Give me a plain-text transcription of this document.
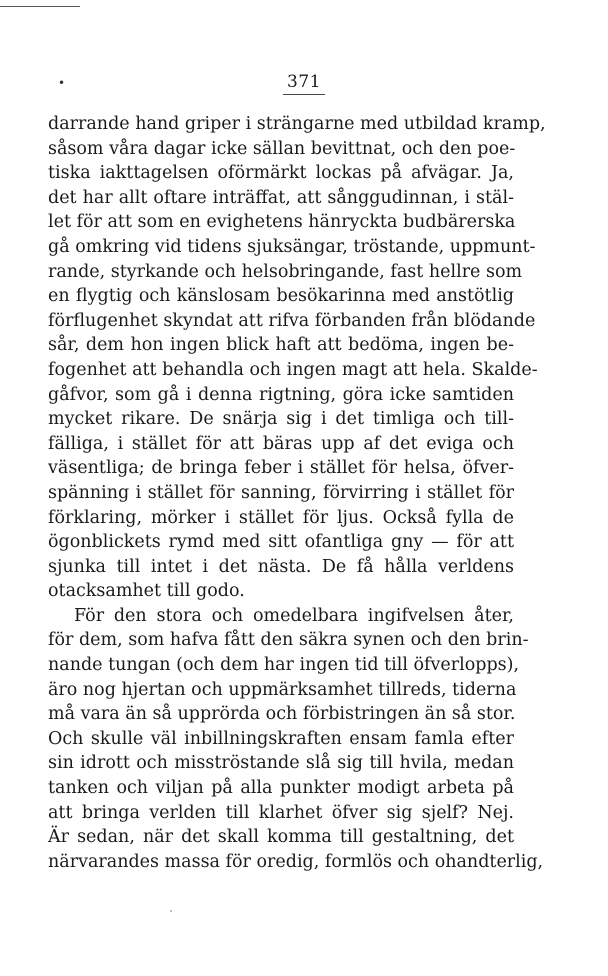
•	371
darrande hand griper i strängarne med utbildad kramp,
såsom våra dagar icke sällan bevittnat, och den poe-
tiska iakttagelsen oförmärkt lockas på afvägar. Ja,
det har allt oftare inträffat, att sånggudinnan, i stäl-
let för att som en evighetens hänryckta budbärerska
gå omkring vid tidens sjuksängar, tröstande, uppmunt-
rande, styrkande och helsobringande, fast hellre som
en flygtig och känslosam besökarinna med anstötlig
förflugenhet skyndat att rifva förbanden från blödande
sår, dem hon ingen blick haft att bedöma, ingen be-
fogenhet att behandla och ingen magt att hela. Skalde-
gåfvor, som gå i denna rigtning, göra icke samtiden
mycket rikare. De snärja sig i det timliga och till-
fälliga, i stället för att bäras upp af det eviga och
väsentliga; de bringa feber i stället för helsa, öfver-
spänning i stället för sanning, förvirring i stället för
förklaring, mörker i stället för ljus. Också fylla de
ögonblickets rymd med sitt ofantliga gny — för att
sjunka till intet i det nästa. De få hålla verldens
otacksamhet till godo.
För den stora och omedelbara ingifvelsen åter,
för dem, som hafva fått den säkra synen och den brin-
nande tungan (och dem har ingen tid till öfverlopps),
äro nog hjertan och uppmärksamhet tillreds, tiderna
må vara än så upprörda och förbistringen än så stor.
Och skulle väl inbillningskraften ensam famla efter
sin idrott och misströstande slå sig till hvila, medan
tanken och viljan på alla punkter modigt arbeta på
att bringa verlden till klarhet öfver sig sjelf? Nej.
Är sedan, när det skall komma till gestaltning, det
närvarandes massa för oredig, formlös och ohandterlig,
